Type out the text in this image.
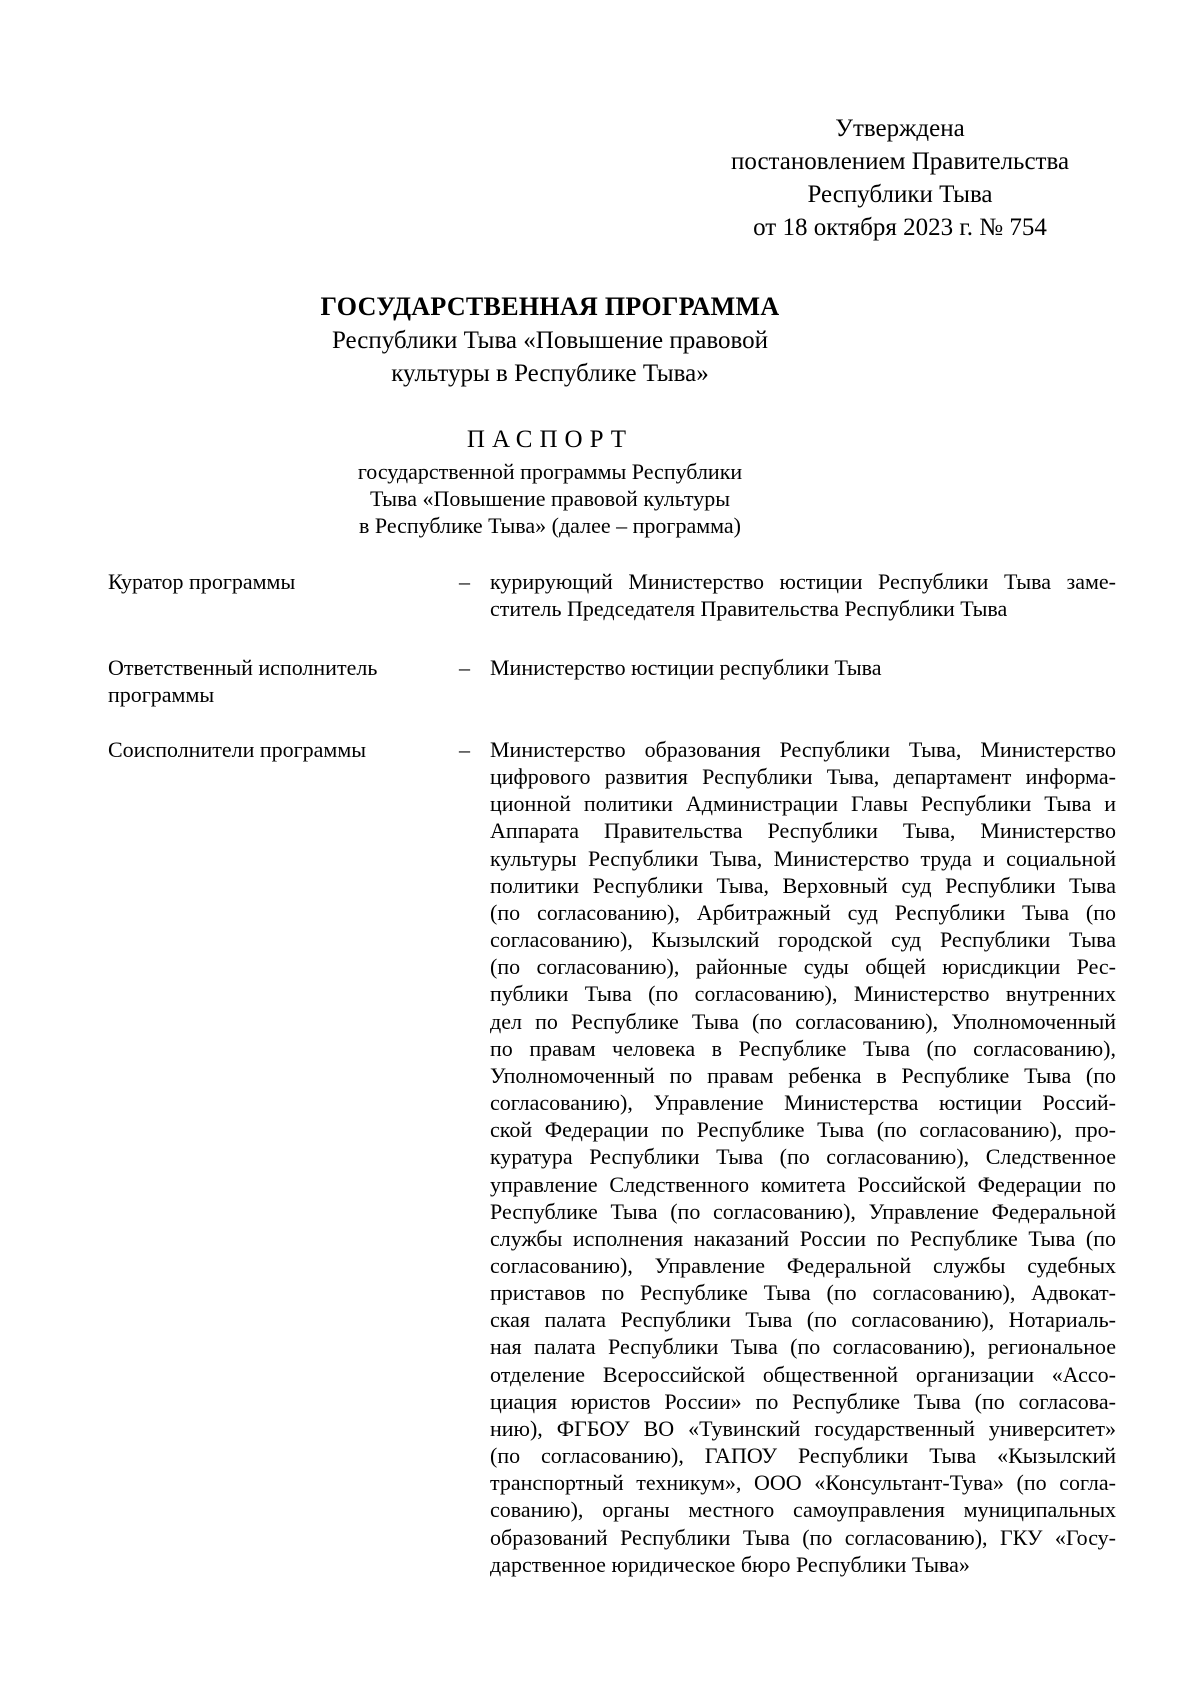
Утверждена
постановлением Правительства
Республики Тыва
от 18 октября 2023 г. № 754
ГОСУДАРСТВЕННАЯ ПРОГРАММА
Республики Тыва «Повышение правовой
культуры в Республике Тыва»
ПАСПОРТ
государственной программы Республики
Тыва «Повышение правовой культуры
в Республике Тыва» (далее – программа)
Куратор программы	– курирующий Министерство юстиции Республики Тыва заме-
ститель Председателя Правительства Республики Тыва
Ответственный исполнитель
программы
– Министерство юстиции республики Тыва
Соисполнители программы	– Министерство образования Республики Тыва, Министерство
цифрового развития Республики Тыва, департамент информа-
ционной политики Администрации Главы Республики Тыва и
Аппарата Правительства Республики Тыва, Министерство
культуры Республики Тыва, Министерство труда и социальной
политики Республики Тыва, Верховный суд Республики Тыва
(по согласованию), Арбитражный суд Республики Тыва (по
согласованию), Кызылский городской суд Республики Тыва
(по согласованию), районные суды общей юрисдикции Рес-
публики Тыва (по согласованию), Министерство внутренних
дел по Республике Тыва (по согласованию), Уполномоченный
по правам человека в Республике Тыва (по согласованию),
Уполномоченный по правам ребенка в Республике Тыва (по
согласованию), Управление Министерства юстиции Россий-
ской Федерации по Республике Тыва (по согласованию), про-
куратура Республики Тыва (по согласованию), Следственное
управление Следственного комитета Российской Федерации по
Республике Тыва (по согласованию), Управление Федеральной
службы исполнения наказаний России по Республике Тыва (по
согласованию), Управление Федеральной службы судебных
приставов по Республике Тыва (по согласованию), Адвокат-
ская палата Республики Тыва (по согласованию), Нотариаль-
ная палата Республики Тыва (по согласованию), региональное
отделение Всероссийской общественной организации «Ассо-
циация юристов России» по Республике Тыва (по согласова-
нию), ФГБОУ ВО «Тувинский государственный университет»
(по согласованию), ГАПОУ Республики Тыва «Кызылский
транспортный техникум», ООО «Консультант-Тува» (по согла-
сованию), органы местного самоуправления муниципальных
образований Республики Тыва (по согласованию), ГКУ «Госу-
дарственное юридическое бюро Республики Тыва»
